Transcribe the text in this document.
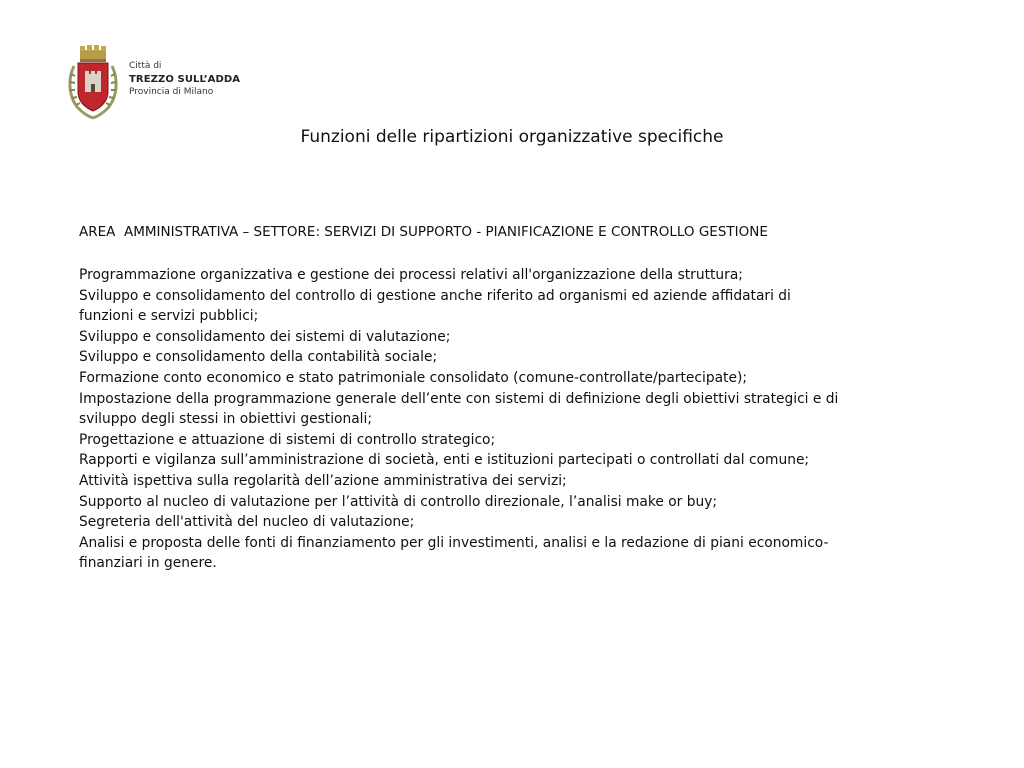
Città di
TREZZO SULL’ADDA
Provincia di Milano
Funzioni delle ripartizioni organizzative specifiche
AREA  AMMINISTRATIVA – SETTORE: SERVIZI DI SUPPORTO - PIANIFICAZIONE E CONTROLLO GESTIONE
Programmazione organizzativa e gestione dei processi relativi all'organizzazione della struttura;
Sviluppo e consolidamento del controllo di gestione anche riferito ad organismi ed aziende affidatari di
funzioni e servizi pubblici;
Sviluppo e consolidamento dei sistemi di valutazione;
Sviluppo e consolidamento della contabilità sociale;
Formazione conto economico e stato patrimoniale consolidato (comune-controllate/partecipate);
Impostazione della programmazione generale dell’ente con sistemi di definizione degli obiettivi strategici e di
sviluppo degli stessi in obiettivi gestionali;
Progettazione e attuazione di sistemi di controllo strategico;
Rapporti e vigilanza sull’amministrazione di società, enti e istituzioni partecipati o controllati dal comune;
Attività ispettiva sulla regolarità dell’azione amministrativa dei servizi;
Supporto al nucleo di valutazione per l’attività di controllo direzionale, l’analisi make or buy;
Segreteria dell'attività del nucleo di valutazione;
Analisi e proposta delle fonti di finanziamento per gli investimenti, analisi e la redazione di piani economico-
finanziari in genere.
